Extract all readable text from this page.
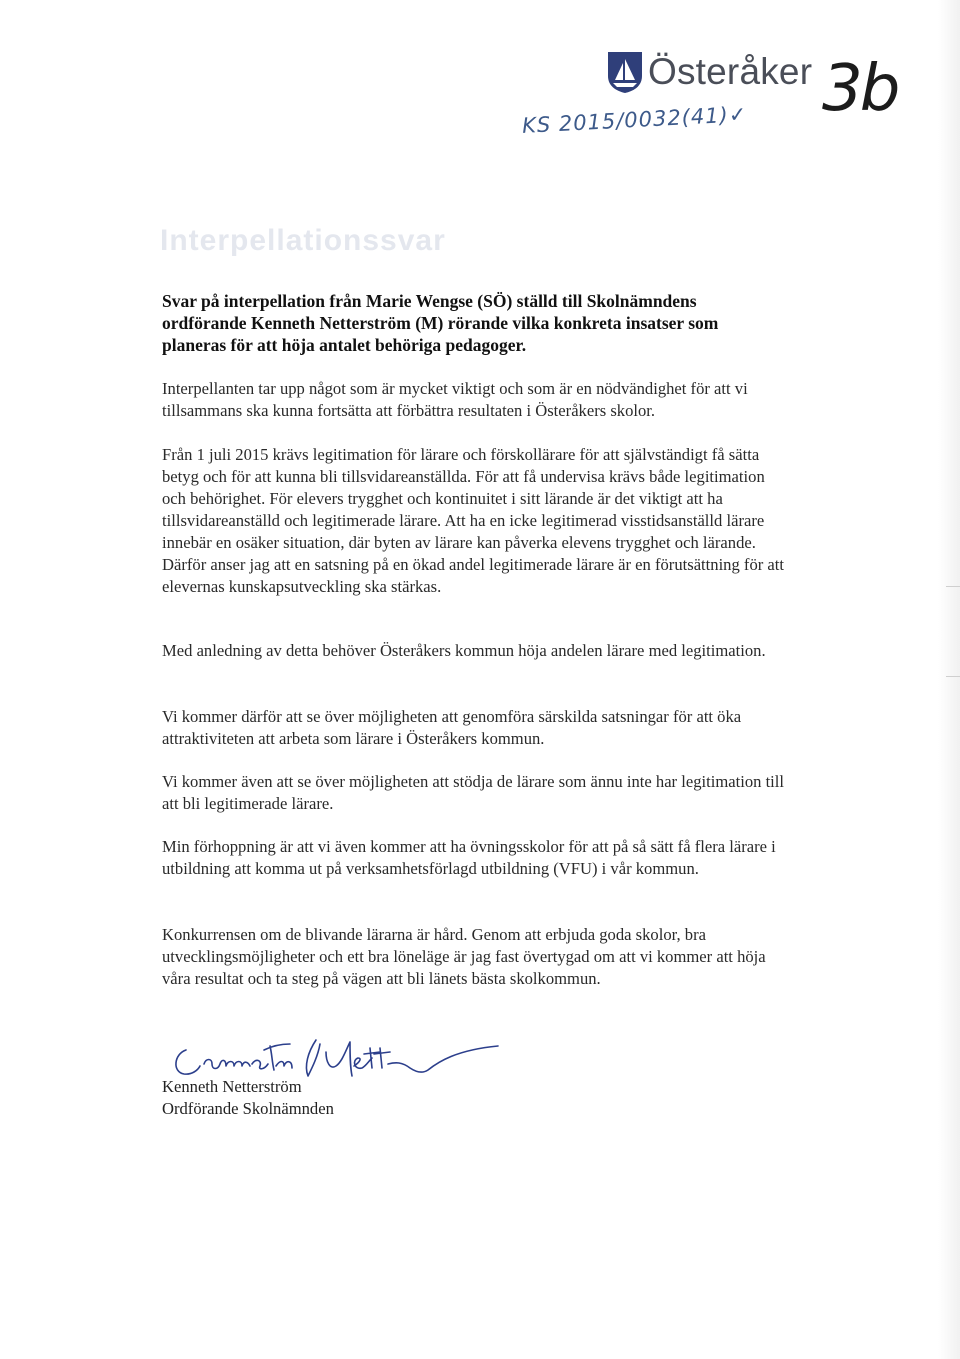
Österåker 3b
KS 2015/0032(41)✓
Interpellationssvar

Svar på interpellation från Marie Wengse (SÖ) ställd till Skolnämndens ordförande Kenneth Netterström (M) rörande vilka konkreta insatser som planeras för att höja antalet behöriga pedagoger.

Interpellanten tar upp något som är mycket viktigt och som är en nödvändighet för att vi tillsammans ska kunna fortsätta att förbättra resultaten i Österåkers skolor.

Från 1 juli 2015 krävs legitimation för lärare och förskollärare för att självständigt få sätta betyg och för att kunna bli tillsvidareanställda. För att få undervisa krävs både legitimation och behörighet. För elevers trygghet och kontinuitet i sitt lärande är det viktigt att ha tillsvidareanställd och legitimerade lärare. Att ha en icke legitimerad visstidsanställd lärare innebär en osäker situation, där byten av lärare kan påverka elevens trygghet och lärande. Därför anser jag att en satsning på en ökad andel legitimerade lärare är en förutsättning för att elevernas kunskapsutveckling ska stärkas.

Med anledning av detta behöver Österåkers kommun höja andelen lärare med legitimation.

Vi kommer därför att se över möjligheten att genomföra särskilda satsningar för att öka attraktiviteten att arbeta som lärare i Österåkers kommun.

Vi kommer även att se över möjligheten att stödja de lärare som ännu inte har legitimation till att bli legitimerade lärare.

Min förhoppning är att vi även kommer att ha övningsskolor för att på så sätt få flera lärare i utbildning att komma ut på verksamhetsförlagd utbildning (VFU) i vår kommun.

Konkurrensen om de blivande lärarna är hård. Genom att erbjuda goda skolor, bra utvecklingsmöjligheter och ett bra löneläge är jag fast övertygad om att vi kommer att höja våra resultat och ta steg på vägen att bli länets bästa skolkommun.

Kenneth Netterström

Ordförande Skolnämnden
